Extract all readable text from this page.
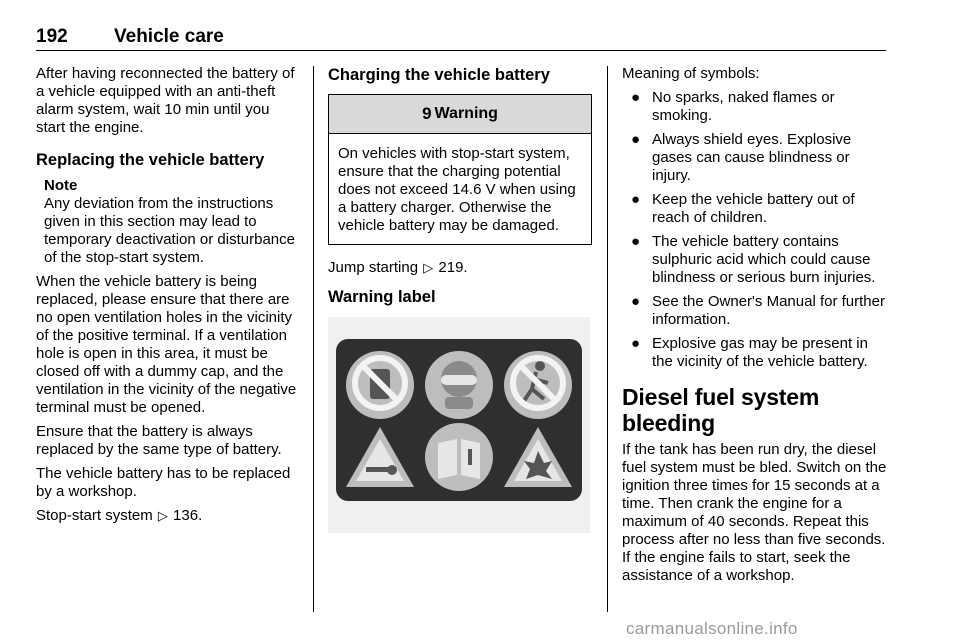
192 Vehicle care

After having reconnected the battery of a vehicle equipped with an anti-theft alarm system, wait 10 min until you start the engine.

Replacing the vehicle battery

Note

Any deviation from the instructions given in this section may lead to temporary deactivation or disturbance of the stop-start system.

When the vehicle battery is being replaced, please ensure that there are no open ventilation holes in the vicinity of the positive terminal. If a ventilation hole is open in this area, it must be closed off with a dummy cap, and the ventilation in the vicinity of the negative terminal must be opened.

Ensure that the battery is always replaced by the same type of battery.

The vehicle battery has to be replaced by a workshop.

Stop-start system ▷ 136.

Charging the vehicle battery

9 Warning
On vehicles with stop-start system, ensure that the charging potential does not exceed 14.6 V when using a battery charger. Otherwise the vehicle battery may be damaged.

Jump starting ▷ 219.

Warning label

Meaning of symbols:

● No sparks, naked flames or smoking.
● Always shield eyes. Explosive gases can cause blindness or injury.
● Keep the vehicle battery out of reach of children.
● The vehicle battery contains sulphuric acid which could cause blindness or serious burn injuries.
● See the Owner's Manual for further information.
● Explosive gas may be present in the vicinity of the vehicle battery.

Diesel fuel system bleeding

If the tank has been run dry, the diesel fuel system must be bled. Switch on the ignition three times for 15 seconds at a time. Then crank the engine for a maximum of 40 seconds. Repeat this process after no less than five seconds. If the engine fails to start, seek the assistance of a workshop.

carmanualsonline.info
